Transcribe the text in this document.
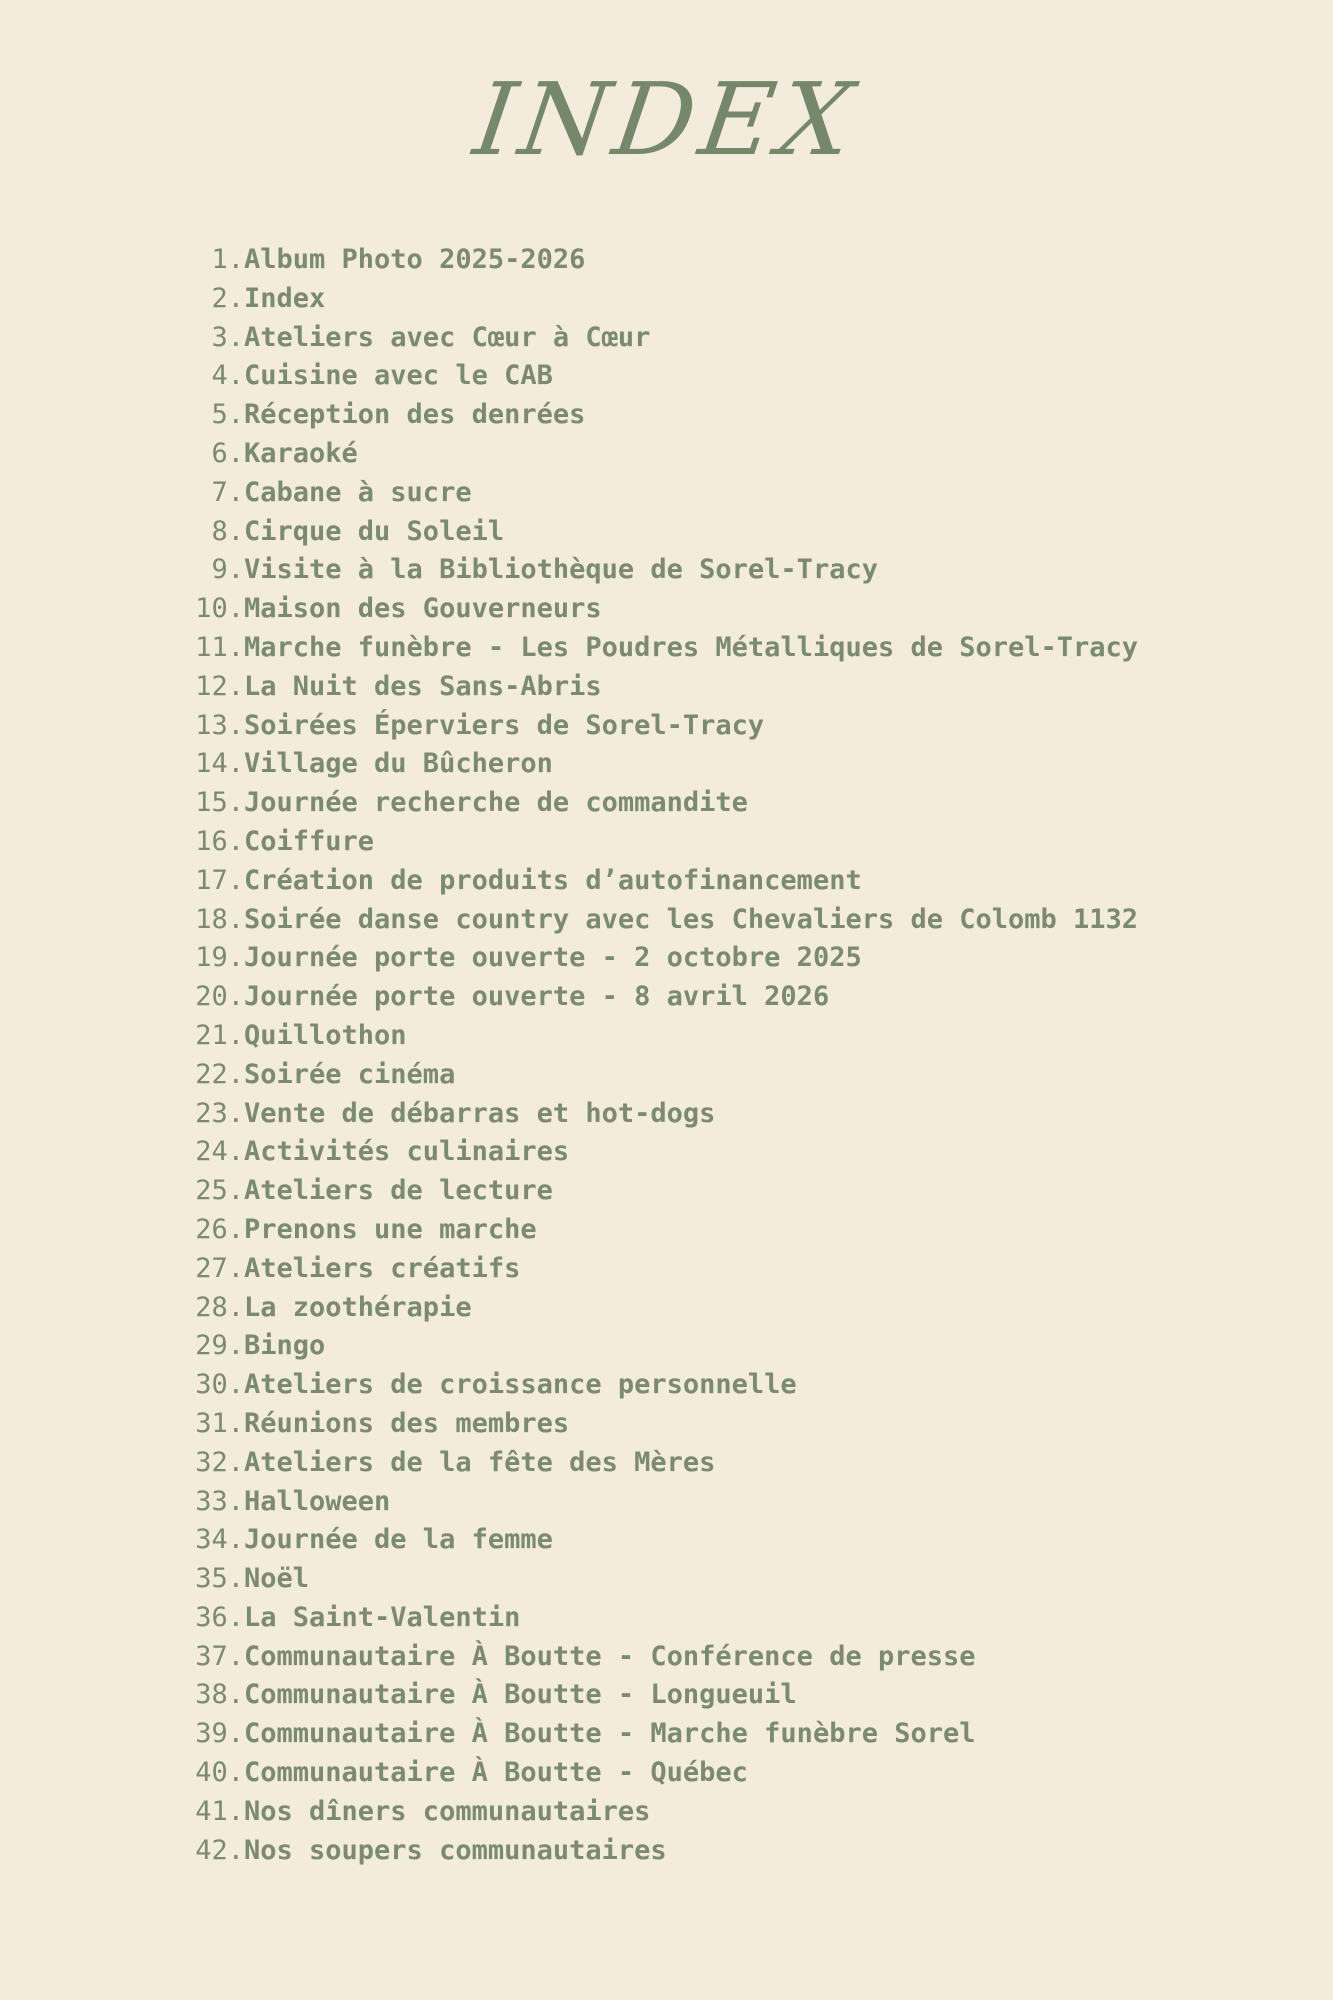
INDEX
1. Album Photo 2025-2026
2. Index
3. Ateliers avec Cœur à Cœur
4. Cuisine avec le CAB
5. Réception des denrées
6. Karaoké
7. Cabane à sucre
8. Cirque du Soleil
9. Visite à la Bibliothèque de Sorel-Tracy
10. Maison des Gouverneurs
11. Marche funèbre - Les Poudres Métalliques de Sorel-Tracy
12. La Nuit des Sans-Abris
13. Soirées Éperviers de Sorel-Tracy
14. Village du Bûcheron
15. Journée recherche de commandite
16. Coiffure
17. Création de produits d’autofinancement
18. Soirée danse country avec les Chevaliers de Colomb 1132
19. Journée porte ouverte - 2 octobre 2025
20. Journée porte ouverte - 8 avril 2026
21. Quillothon
22. Soirée cinéma
23. Vente de débarras et hot-dogs
24. Activités culinaires
25. Ateliers de lecture
26. Prenons une marche
27. Ateliers créatifs
28. La zoothérapie
29. Bingo
30. Ateliers de croissance personnelle
31. Réunions des membres
32. Ateliers de la fête des Mères
33. Halloween
34. Journée de la femme
35. Noël
36. La Saint-Valentin
37. Communautaire À Boutte - Conférence de presse
38. Communautaire À Boutte - Longueuil
39. Communautaire À Boutte - Marche funèbre Sorel
40. Communautaire À Boutte - Québec
41. Nos dîners communautaires
42. Nos soupers communautaires
